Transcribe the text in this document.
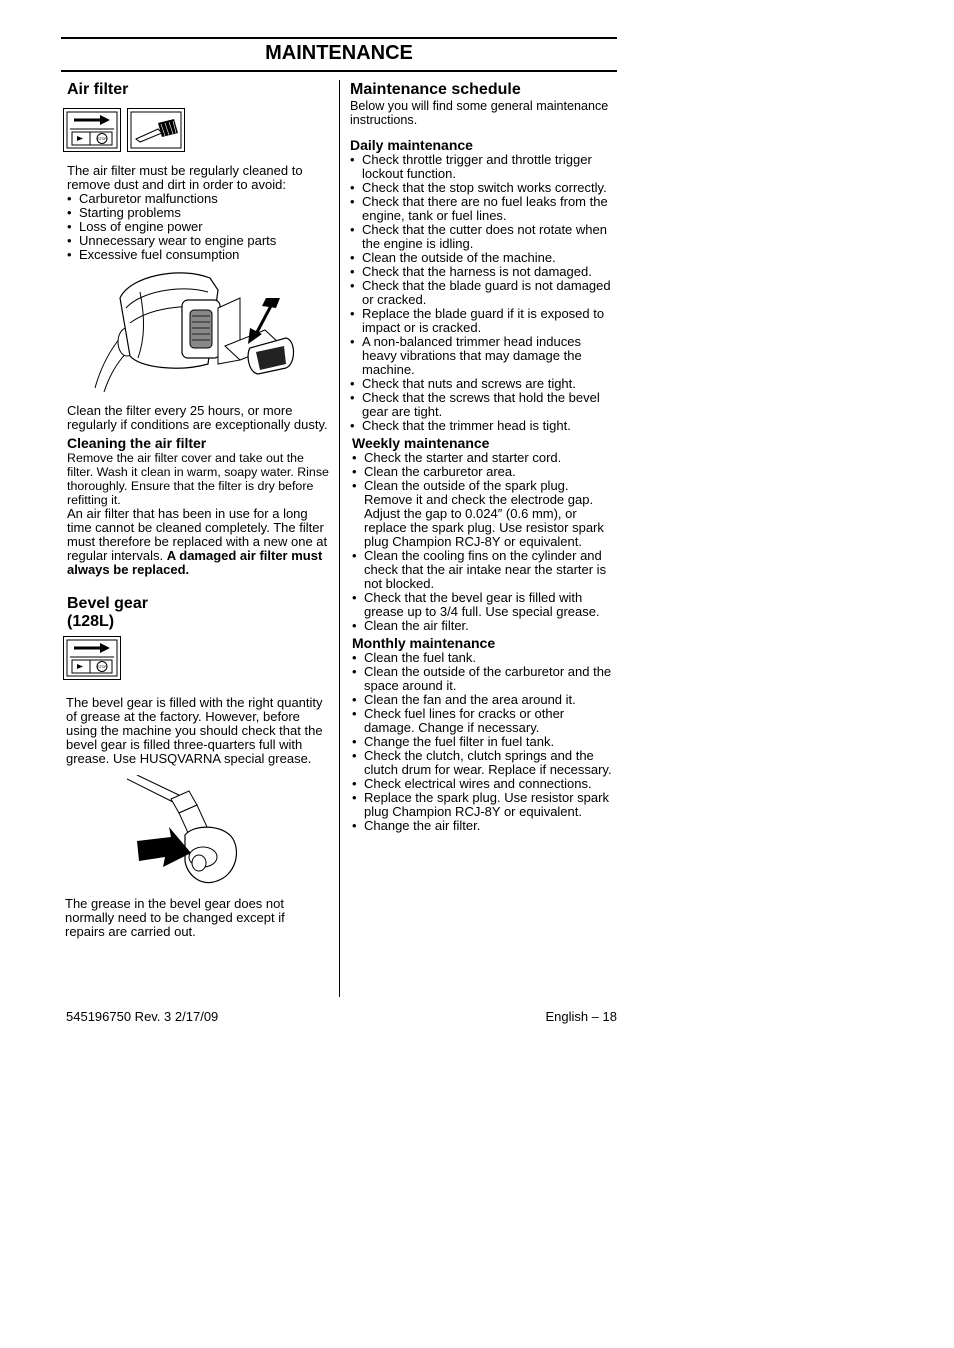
MAINTENANCE
Air filter
STOP

The air filter must be regularly cleaned to remove dust and dirt in order to avoid:

• Carburetor malfunctions
• Starting problems
• Loss of engine power
• Unnecessary wear to engine parts
• Excessive fuel consumption

Clean the filter every 25 hours, or more regularly if conditions are exceptionally dusty.

Cleaning the air filter

Remove the air filter cover and take out the filter. Wash it clean in warm, soapy water. Rinse thoroughly. Ensure that the filter is dry before refitting it.

An air filter that has been in use for a long time cannot be cleaned completely. The filter must therefore be replaced with a new one at regular intervals. A damaged air filter must always be replaced.

Bevel gear
(128L)
STOP

The bevel gear is filled with the right quantity of grease at the factory. However, before using the machine you should check that the bevel gear is filled three-quarters full with grease. Use HUSQVARNA special grease.

The grease in the bevel gear does not normally need to be changed except if repairs are carried out.

Maintenance schedule

Below you will find some general maintenance instructions.

Daily maintenance
• Check throttle trigger and throttle trigger lockout function.
• Check that the stop switch works correctly.
• Check that there are no fuel leaks from the engine, tank or fuel lines.
• Check that the cutter does not rotate when the engine is idling.
• Clean the outside of the machine.
• Check that the harness is not damaged.
• Check that the blade guard is not damaged or cracked.
• Replace the blade guard if it is exposed to impact or is cracked.
• A non-balanced trimmer head induces heavy vibrations that may damage the machine.
• Check that nuts and screws are tight.
• Check that the screws that hold the bevel gear are tight.
• Check that the trimmer head is tight.
Weekly maintenance
• Check the starter and starter cord.
• Clean the carburetor area.
• Clean the outside of the spark plug. Remove it and check the electrode gap. Adjust the gap to 0.024″ (0.6 mm), or replace the spark plug. Use resistor spark plug Champion RCJ-8Y or equivalent.
• Clean the cooling fins on the cylinder and check that the air intake near the starter is not blocked.
• Check that the bevel gear is filled with grease up to 3/4 full. Use special grease.
• Clean the air filter.
Monthly maintenance
• Clean the fuel tank.
• Clean the outside of the carburetor and the space around it.
• Clean the fan and the area around it.
• Check fuel lines for cracks or other damage. Change if necessary.
• Change the fuel filter in fuel tank.
• Check the clutch, clutch springs and the clutch drum for wear. Replace if necessary.
• Check electrical wires and connections.
• Replace the spark plug. Use resistor spark plug Champion RCJ-8Y or equivalent.
• Change the air filter.
545196750 Rev. 3 2/17/09	English – 18
